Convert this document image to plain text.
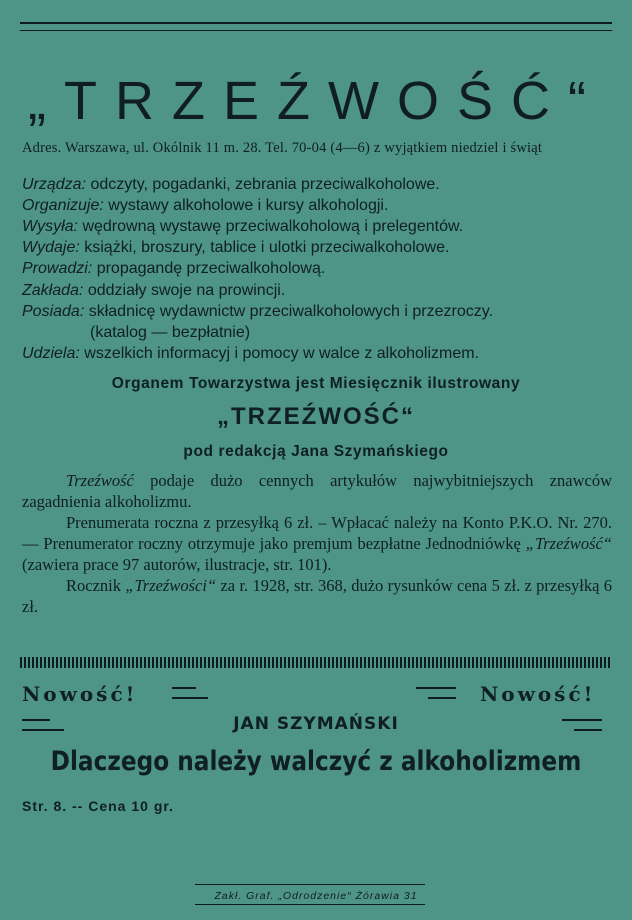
„TRZEŹWOŚĆ“
Adres. Warszawa, ul. Okólnik 11 m. 28. Tel. 70-04 (4—6) z wyjątkiem niedziel i świąt
Urządza: odczyty, pogadanki, zebrania przeciwalkoholowe.
Organizuje: wystawy alkoholowe i kursy alkohologji.
Wysyła: wędrowną wystawę przeciwalkoholową i prelegentów.
Wydaje: książki, broszury, tablice i ulotki przeciwalkoholowe.
Prowadzi: propagandę przeciwalkoholową.
Zakłada: oddziały swoje na prowincji.
Posiada: składnicę wydawnictw przeciwalkoholowych i przezroczy.
(katalog — bezpłatnie)
Udziela: wszelkich informacyj i pomocy w walce z alkoholizmem.
Organem Towarzystwa jest Miesięcznik ilustrowany
„TRZEŹWOŚĆ“
pod redakcją Jana Szymańskiego

Trzeźwość podaje dużo cennych artykułów najwybitniejszych znawców zagadnienia alkoholizmu.

Prenumerata roczna z przesyłką 6 zł. – Wpłacać należy na Konto P.K.O. Nr. 270. — Prenumerator roczny otrzymuje jako premjum bezpłatne Jednodniówkę „Trzeźwość“ (zawiera prace 97 autorów, ilustracje, str. 101).

Rocznik „Trzeźwości“ za r. 1928, str. 368, dużo rysunków cena 5 zł. z przesyłką 6 zł.

Nowość!	Nowość!
JAN SZYMAŃSKI
Dlaczego należy walczyć z alkoholizmem
Str. 8. -- Cena 10 gr.
Zakł. Graf. „Odrodzenie“ Żórawia 31
